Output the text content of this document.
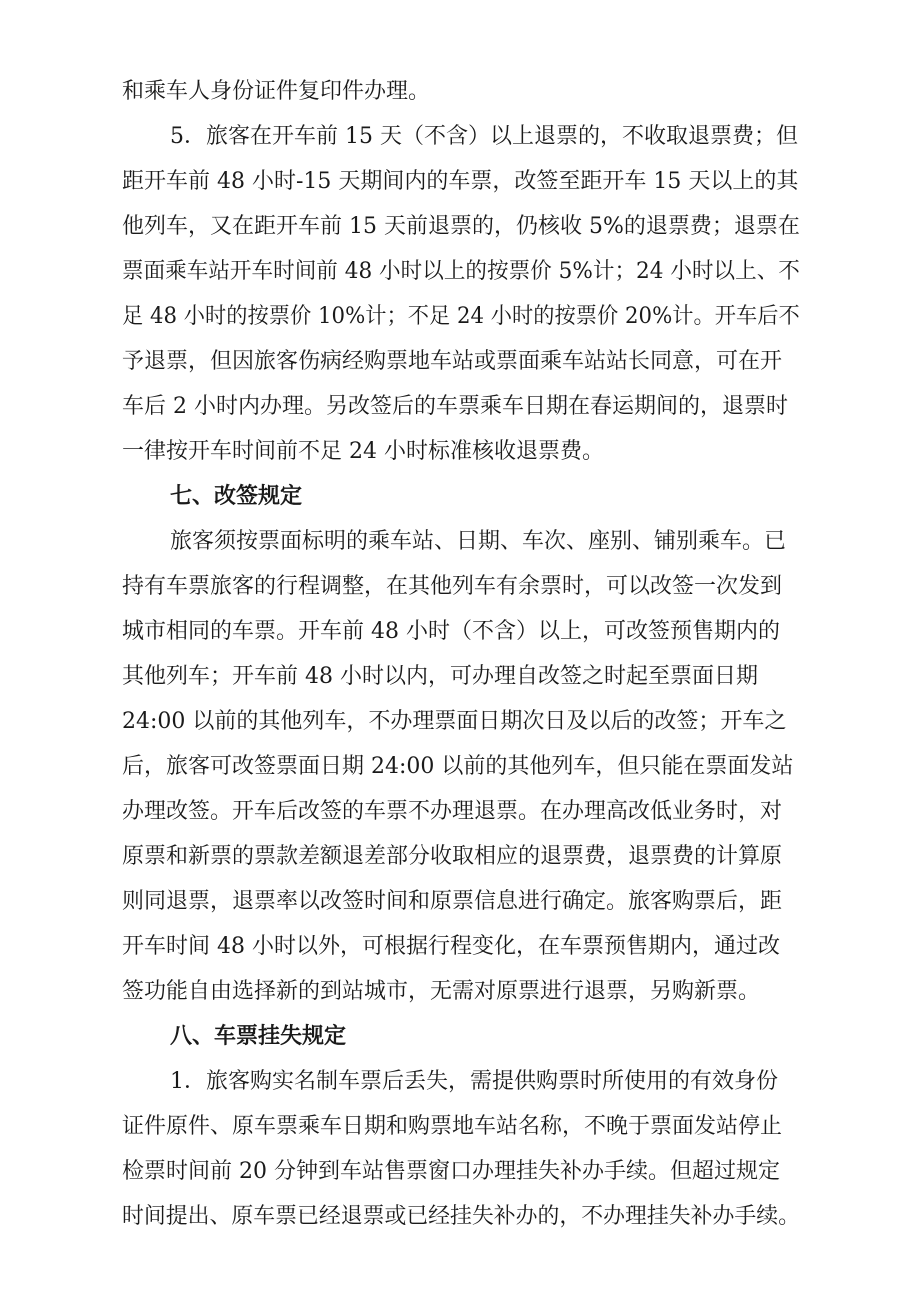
和乘车人身份证件复印件办理。
5．旅客在开车前 15 天（不含）以上退票的，不收取退票费；但
距开车前 48 小时-15 天期间内的车票，改签至距开车 15 天以上的其
他列车，又在距开车前 15 天前退票的，仍核收 5%的退票费；退票在
票面乘车站开车时间前 48 小时以上的按票价 5%计；24 小时以上、不
足 48 小时的按票价 10%计；不足 24 小时的按票价 20%计。开车后不
予退票，但因旅客伤病经购票地车站或票面乘车站站长同意，可在开
车后 2 小时内办理。另改签后的车票乘车日期在春运期间的，退票时
一律按开车时间前不足 24 小时标准核收退票费。
七、改签规定
旅客须按票面标明的乘车站、日期、车次、座别、铺别乘车。已
持有车票旅客的行程调整，在其他列车有余票时，可以改签一次发到
城市相同的车票。开车前 48 小时（不含）以上，可改签预售期内的
其他列车；开车前 48 小时以内，可办理自改签之时起至票面日期
24:00 以前的其他列车，不办理票面日期次日及以后的改签；开车之
后，旅客可改签票面日期 24:00 以前的其他列车，但只能在票面发站
办理改签。开车后改签的车票不办理退票。在办理高改低业务时，对
原票和新票的票款差额退差部分收取相应的退票费，退票费的计算原
则同退票，退票率以改签时间和原票信息进行确定。旅客购票后，距
开车时间 48 小时以外，可根据行程变化，在车票预售期内，通过改
签功能自由选择新的到站城市，无需对原票进行退票，另购新票。
八、车票挂失规定
1．旅客购实名制车票后丢失，需提供购票时所使用的有效身份
证件原件、原车票乘车日期和购票地车站名称，不晚于票面发站停止
检票时间前 20 分钟到车站售票窗口办理挂失补办手续。但超过规定
时间提出、原车票已经退票或已经挂失补办的，不办理挂失补办手续。
